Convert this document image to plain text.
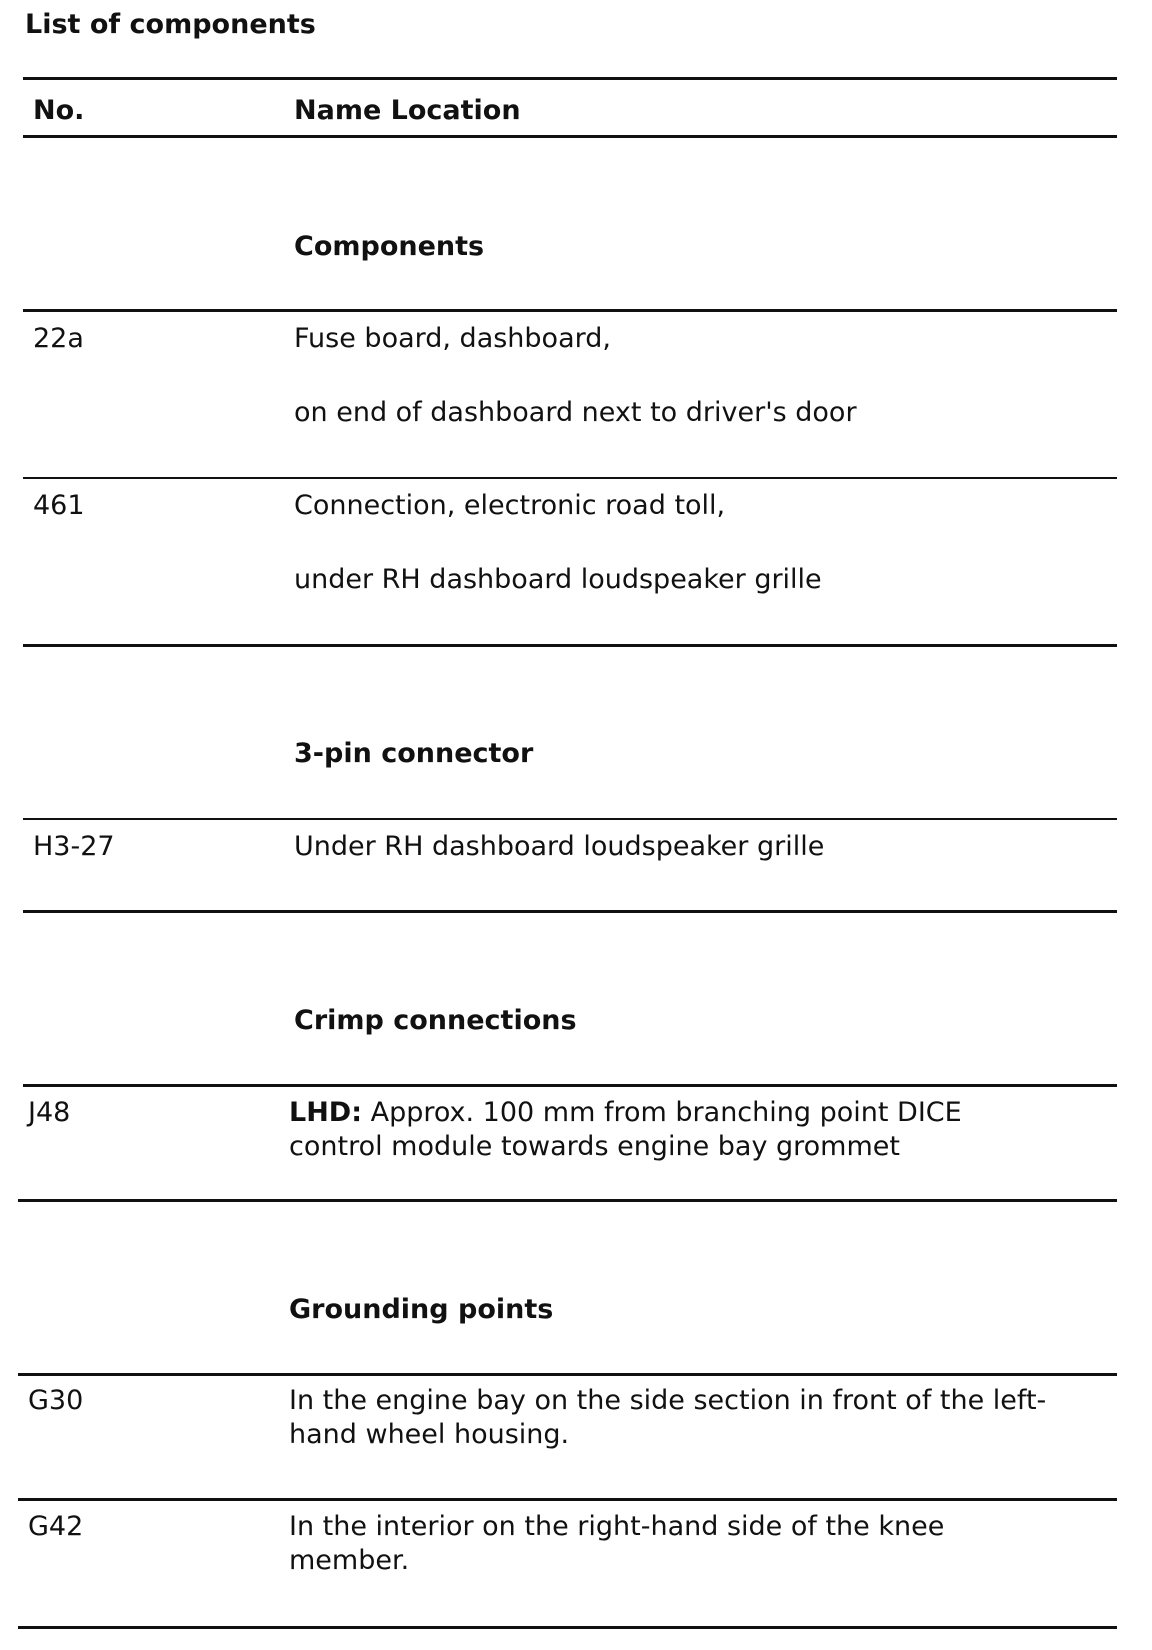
List of components
No.	Name Location
Components
22a	Fuse board, dashboard,
on end of dashboard next to driver's door
461	Connection, electronic road toll,
under RH dashboard loudspeaker grille
3-pin connector
H3-27	Under RH dashboard loudspeaker grille
Crimp connections
J48	LHD: Approx. 100 mm from branching point DICE
control module towards engine bay grommet
Grounding points
G30	In the engine bay on the side section in front of the left-
hand wheel housing.
G42	In the interior on the right-hand side of the knee
member.
